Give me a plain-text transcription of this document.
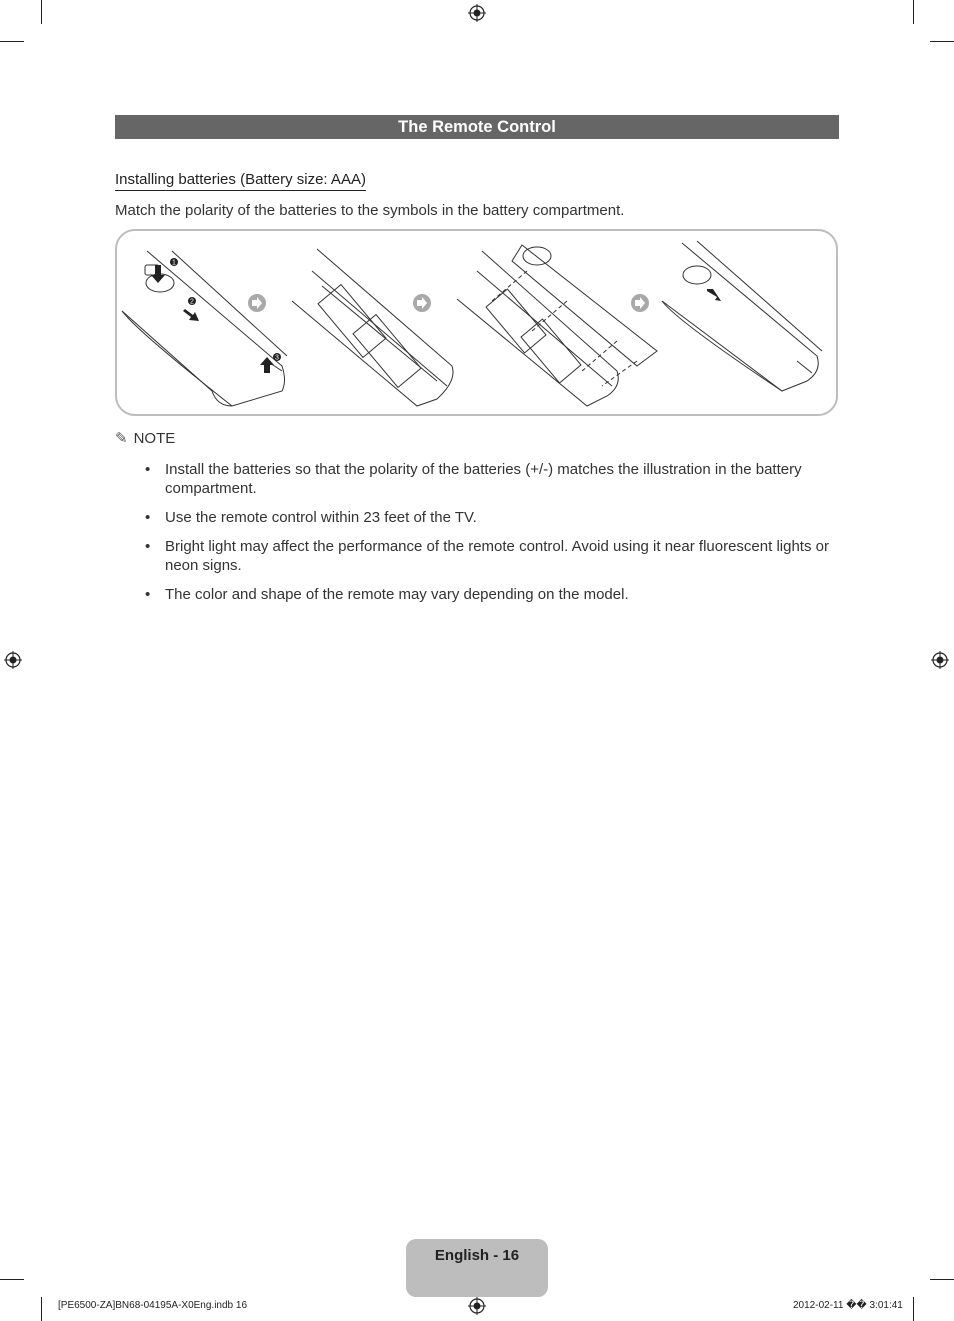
The Remote Control
Installing batteries (Battery size: AAA)
Match the polarity of the batteries to the symbols in the battery compartment.
1
2
3
✎ NOTE
• Install the batteries so that the polarity of the batteries (+/-) matches the illustration in the battery compartment.
• Use the remote control within 23 feet of the TV.
• Bright light may affect the performance of the remote control. Avoid using it near fluorescent lights or neon signs.
• The color and shape of the remote may vary depending on the model.
English - 16
[PE6500-ZA]BN68-04195A-X0Eng.indb 16	2012-02-11 �� 3:01:41
